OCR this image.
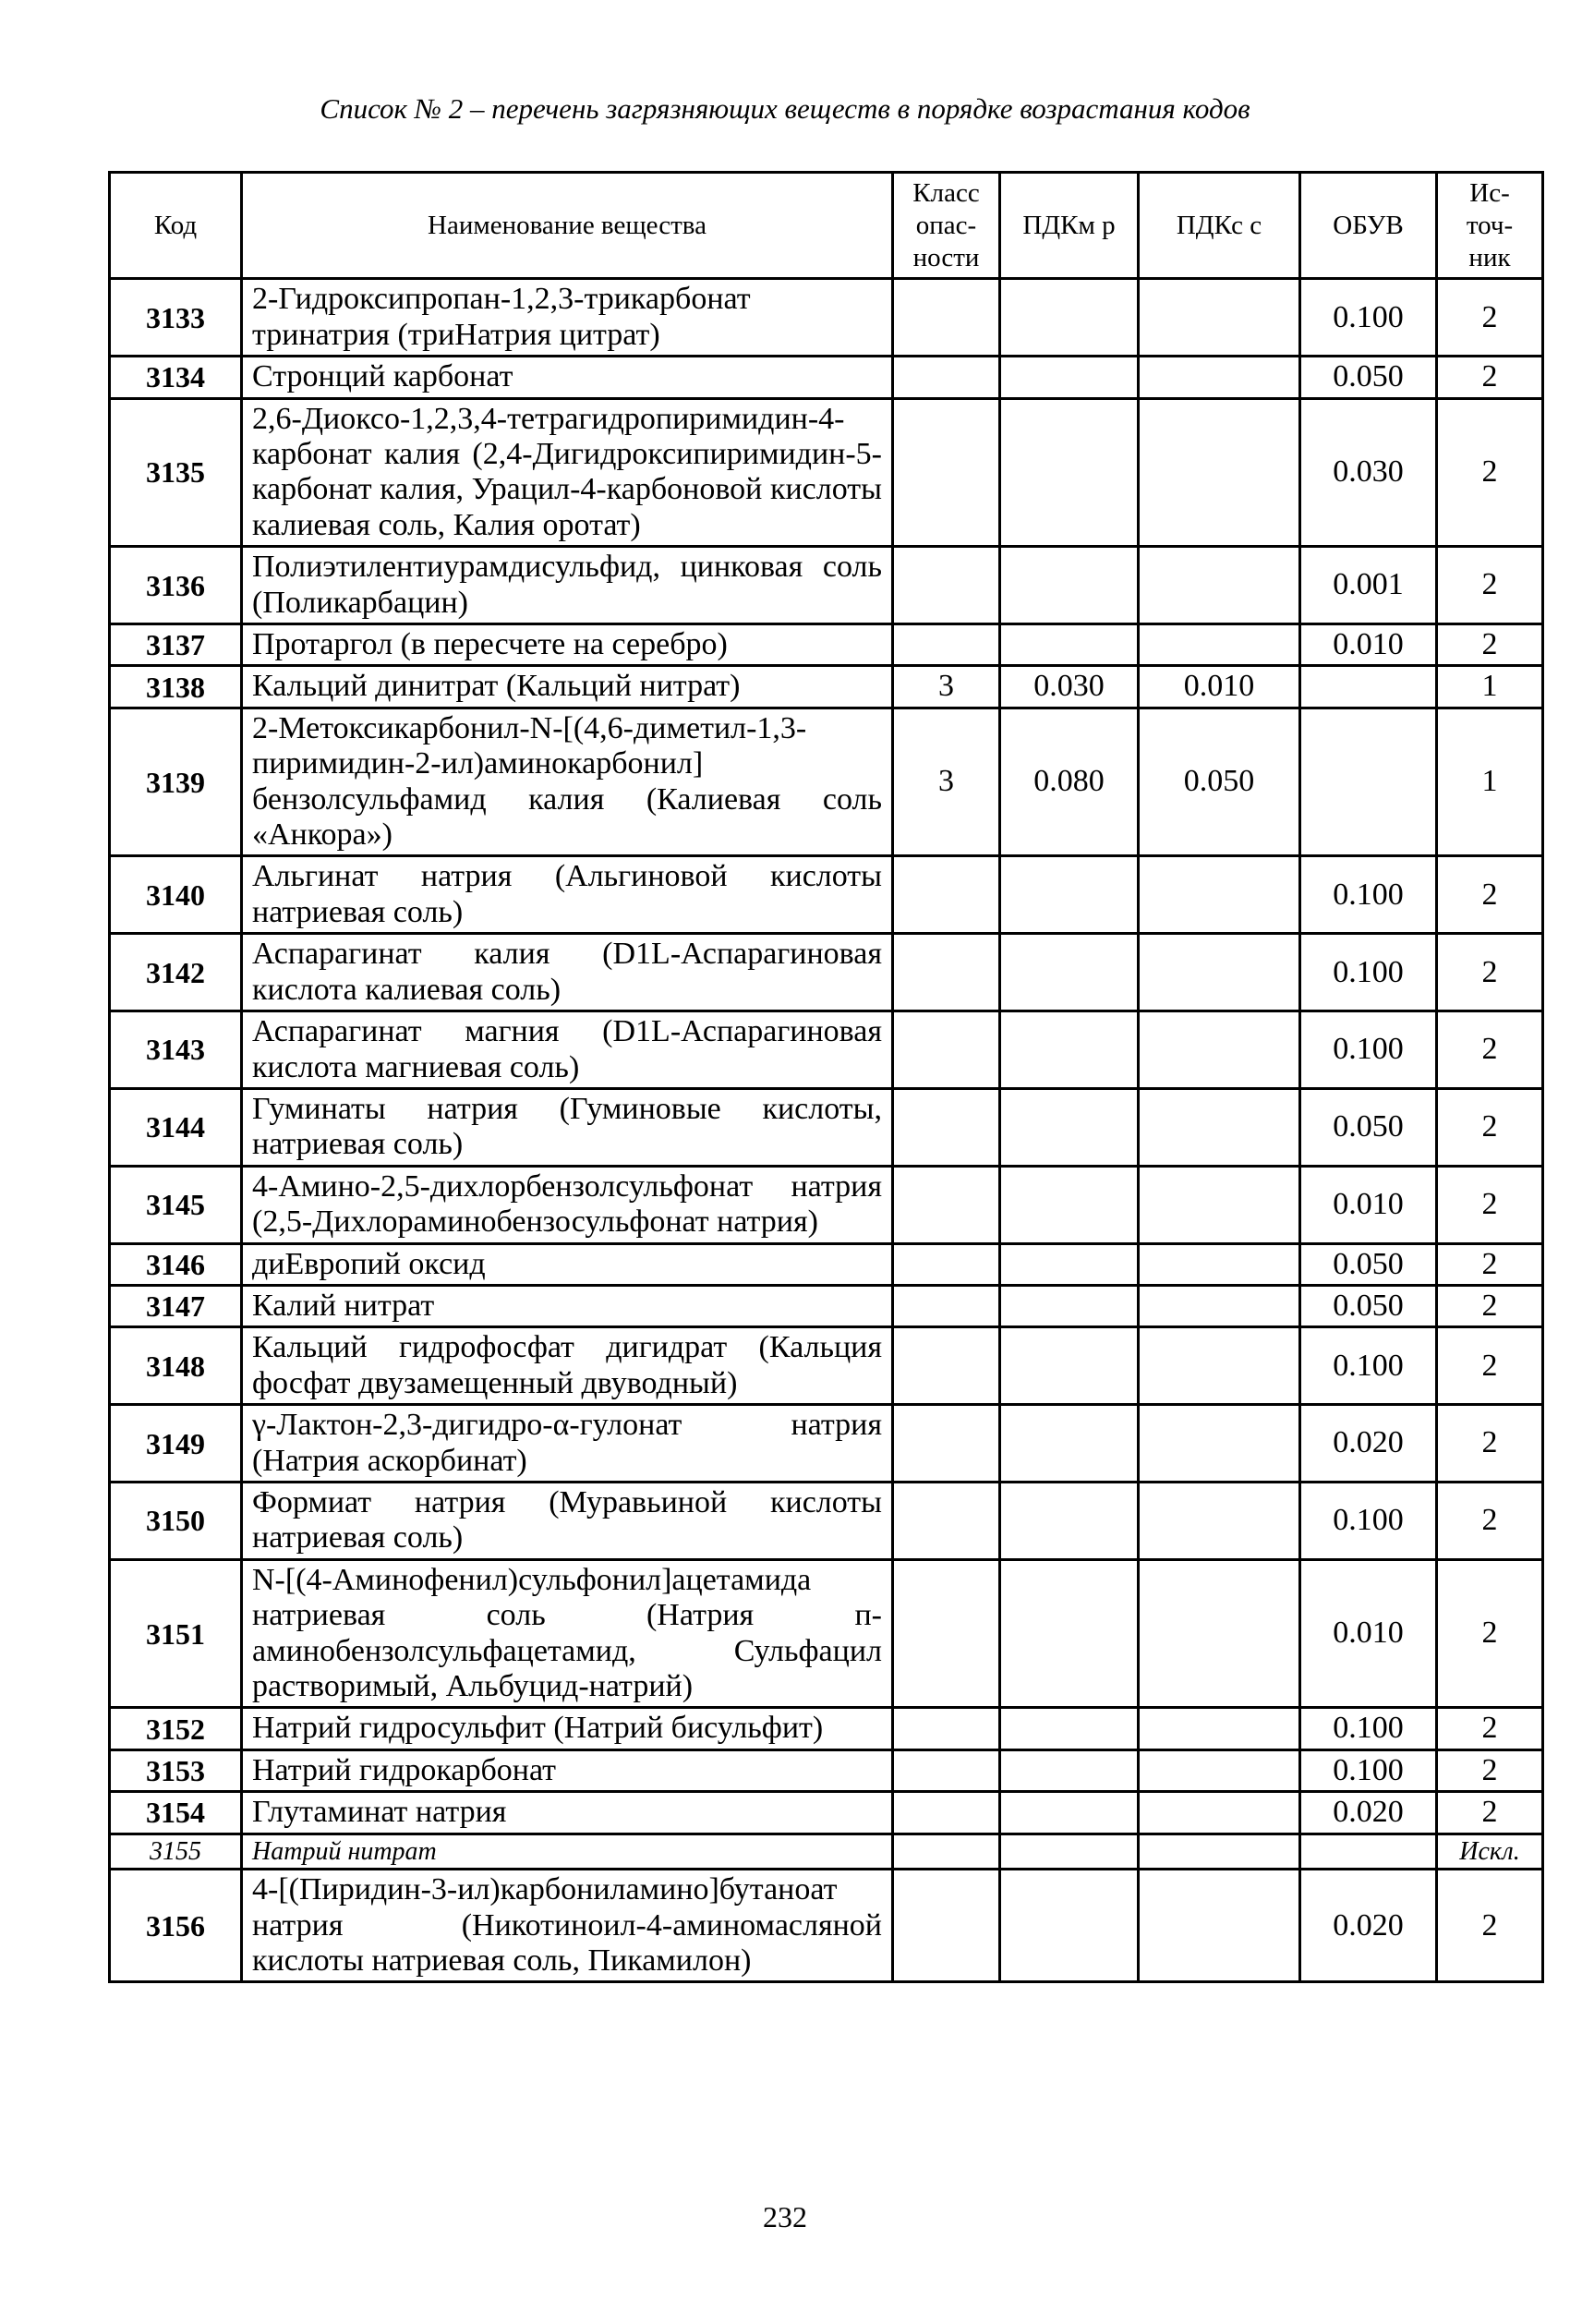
Список № 2 – перечень загрязняющих веществ в порядке возрастания кодов
Код	Наименование вещества	Класс опас- ности	ПДКм р	ПДКс с	ОБУВ	Ис- точ- ник
3133	2-Гидроксипропан-1,2,3-трикарбонат тринатрия (триНатрия цитрат)				0.100	2
3134	Стронций карбонат				0.050	2
3135	2,6-Диоксо-1,2,3,4-тетрагидропиримидин-4-карбонат калия (2,4-Дигидроксипиримидин-5-карбонат калия, Урацил-4-карбоновой кислоты калиевая соль, Калия оротат)				0.030	2
3136	Полиэтилентиурамдисульфид, цинковая соль (Поликарбацин)				0.001	2
3137	Протаргол (в пересчете на серебро)				0.010	2
3138	Кальций динитрат (Кальций нитрат)	3	0.030	0.010		1
3139	2-Метоксикарбонил-N-[(4,6-диметил-1,3-пиримидин-2-ил)аминокарбонил] бензолсульфамид калия (Калиевая соль «Анкора»)	3	0.080	0.050		1
3140	Альгинат натрия (Альгиновой кислоты натриевая соль)				0.100	2
3142	Аспарагинат калия (D1L-Аспарагиновая кислота калиевая соль)				0.100	2
3143	Аспарагинат магния (D1L-Аспарагиновая кислота магниевая соль)				0.100	2
3144	Гуминаты натрия (Гуминовые кислоты, натриевая соль)				0.050	2
3145	4-Амино-2,5-дихлорбензолсульфонат натрия (2,5-Дихлораминобензосульфонат натрия)				0.010	2
3146	диЕвропий оксид				0.050	2
3147	Калий нитрат				0.050	2
3148	Кальций гидрофосфат дигидрат (Кальция фосфат двузамещенный двуводный)				0.100	2
3149	γ-Лактон-2,3-дигидро-α-гулонат натрия (Натрия аскорбинат)				0.020	2
3150	Формиат натрия (Муравьиной кислоты натриевая соль)				0.100	2
3151	N-[(4-Аминофенил)сульфонил]ацетамида натриевая соль (Натрия п-аминобензолсульфацетамид, Сульфацил растворимый, Альбуцид-натрий)				0.010	2
3152	Натрий гидросульфит (Натрий бисульфит)				0.100	2
3153	Натрий гидрокарбонат				0.100	2
3154	Глутаминат натрия				0.020	2
3155	Натрий нитрат					Искл.
3156	4-[(Пиридин-3-ил)карбониламино]бутаноат натрия (Никотиноил-4-аминомасляной кислоты натриевая соль, Пикамилон)				0.020	2
232
